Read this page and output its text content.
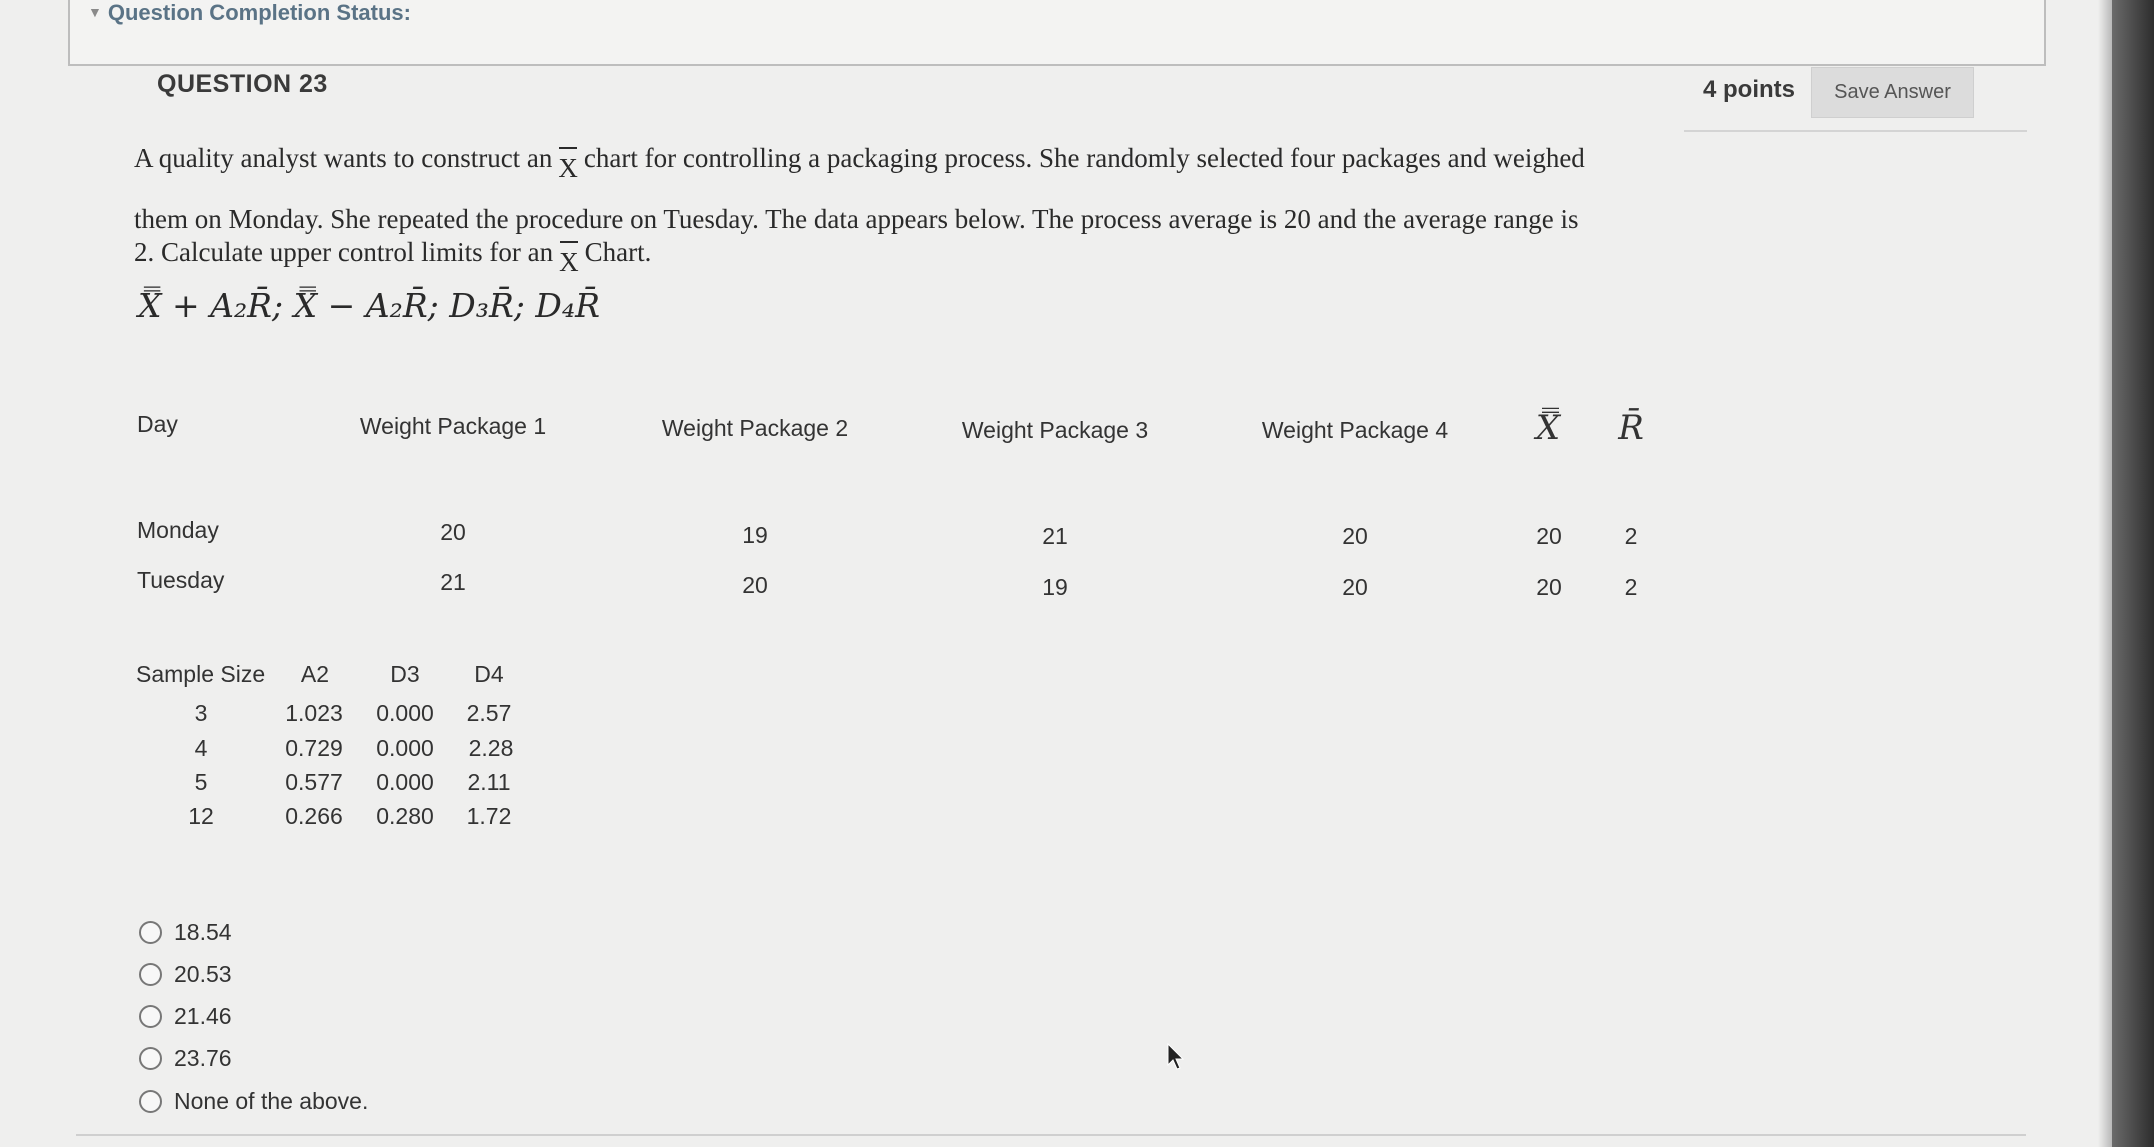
▼ Question Completion Status:
QUESTION 23	4 points	Save Answer
A quality analyst wants to construct an X chart for controlling a packaging process. She randomly selected four packages and weighed
them on Monday. She repeated the procedure on Tuesday. The data appears below. The process average is 20 and the average range is
2. Calculate upper control limits for an X Chart.
X̿ + A₂R̄; X̿ − A₂R̄; D₃R̄; D₄R̄
Day	Weight Package 1	Weight Package 2	Weight Package 3	Weight Package 4	X̿ R̄
Monday	20	19	21	20	20	2
Tuesday	21	20	19	20	20	2
Sample Size A2	D3 D4
3	1.023 0.000 2.57
4	0.729 0.000 2.28
5	0.577 0.000 2.11
12	0.266 0.280 1.72
18.54
20.53
21.46
23.76
None of the above.
